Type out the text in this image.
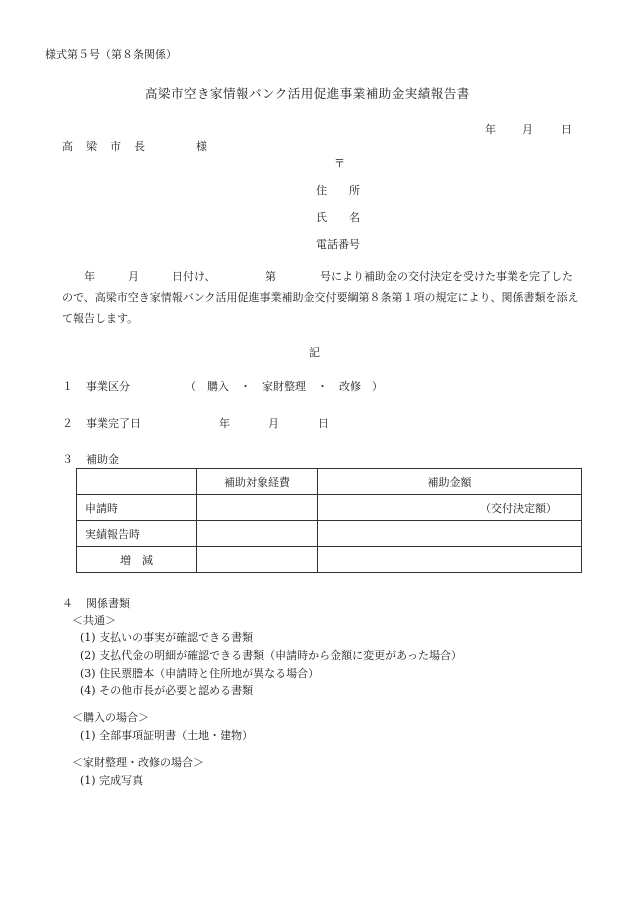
様式第５号（第８条関係）
高梁市空き家情報バンク活用促進事業補助金実績報告書
年 月	日
高　梁　市　長	様
〒
住　　所
氏　　名
電話番号
年　　　月　　　日付け、　　　　　第　　　　号により補助金の交付決定を受けた事業を完了したので、高梁市空き家情報バンク活用促進事業補助金交付要綱第８条第１項の規定により、関係書類を添えて報告します。
記
１ 事業区分	（　購入　・　家財整理　・　改修　）
２ 事業完了日	年	月	日
３ 補助金
	補助対象経費	補助金額
申請時		（交付決定額）
実績報告時		
増　減		
４ 関係書類
＜共通＞
(1) 支払いの事実が確認できる書類
(2) 支払代金の明細が確認できる書類（申請時から金額に変更があった場合）
(3) 住民票謄本（申請時と住所地が異なる場合）
(4) その他市長が必要と認める書類
＜購入の場合＞
(1) 全部事項証明書（土地・建物）
＜家財整理・改修の場合＞
(1) 完成写真
